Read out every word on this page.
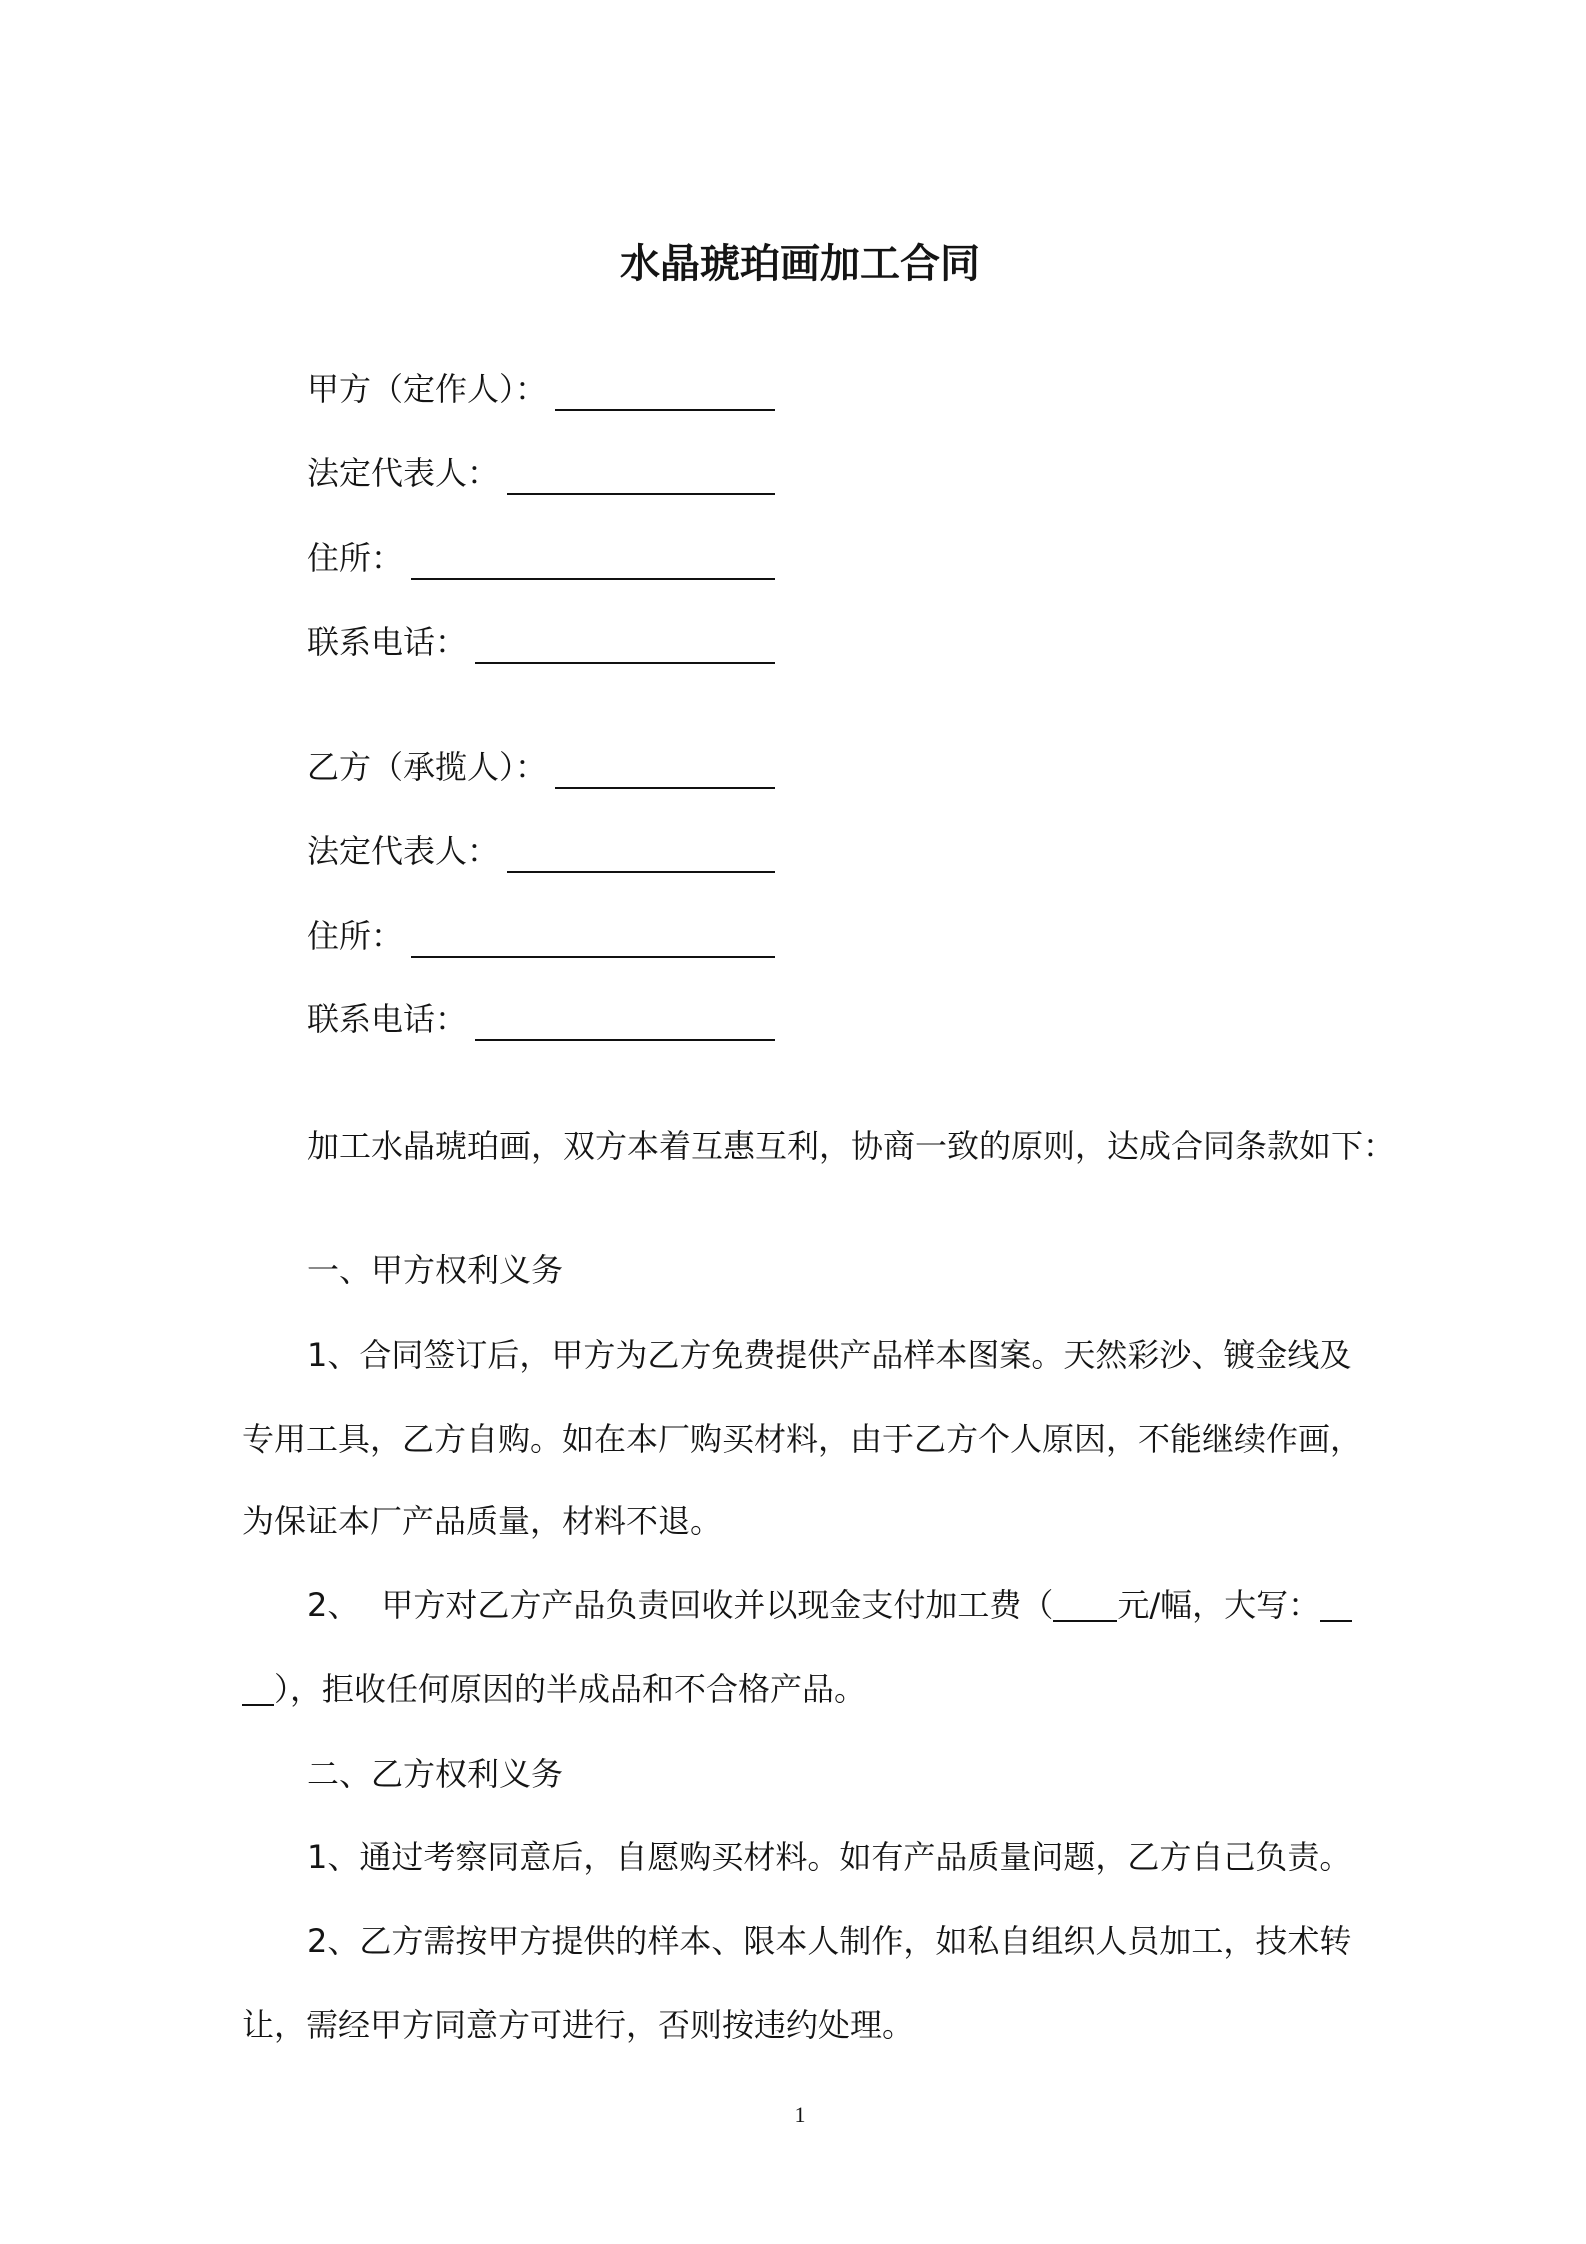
水晶琥珀画加工合同
甲方（定作人）：
法定代表人：
住所：
联系电话：
乙方（承揽人）：
法定代表人：
住所：
联系电话：
加工水晶琥珀画，双方本着互惠互利，协商一致的原则，达成合同条款如下：
一、甲方权利义务
1、合同签订后，甲方为乙方免费提供产品样本图案。天然彩沙、镀金线及
专用工具，乙方自购。如在本厂购买材料，由于乙方个人原因，不能继续作画，
为保证本厂产品质量，材料不退。
2、 甲方对乙方产品负责回收并以现金支付加工费（ 元/幅，大写：
），拒收任何原因的半成品和不合格产品。
二、乙方权利义务
1、通过考察同意后，自愿购买材料。如有产品质量问题，乙方自己负责。
2、乙方需按甲方提供的样本、限本人制作，如私自组织人员加工，技术转
让，需经甲方同意方可进行，否则按违约处理。
1
